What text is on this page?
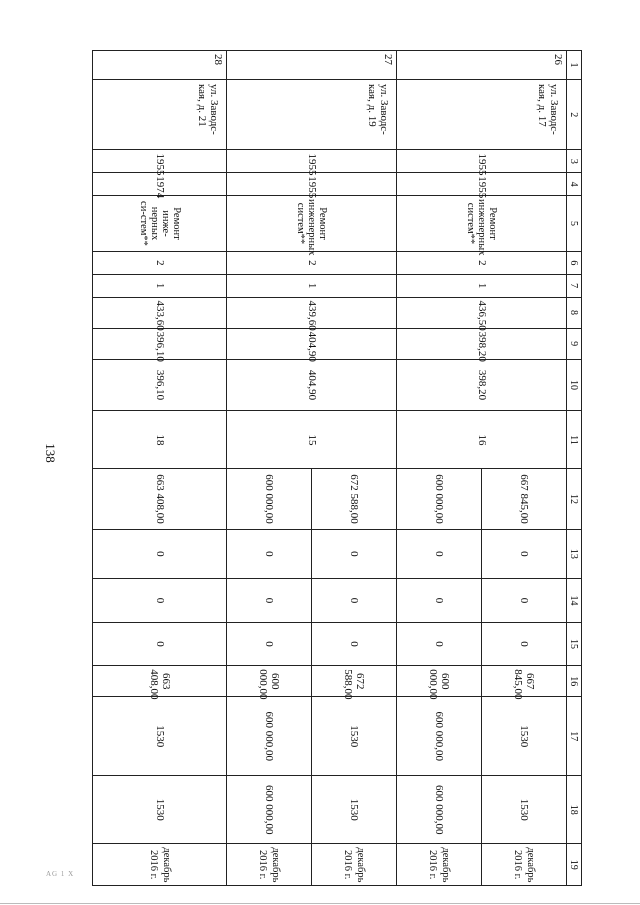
138
1	2	3	4	5	6	7	8	9	10	11	12	13	14	15	16	17	18	19
26	ул. Заводс-кая, д. 17	1955	1955	Ремонт инженерных систем**	2	1	436,50	398,20	398,20	16	667 845,00	0	0	0	667 845,00	1530	1530	декабрь 2016 г.
											600 000,00	0	0	0	600 000,00	600 000,00	600 000,00	декабрь 2016 г.
27	ул. Заводс-кая, д. 19	1955	1955	Ремонт инженерных систем**	2	1	439,60	404,90	404,90	15	672 588,00	0	0	0	672 588,00	1530	1530	декабрь 2016 г.
											600 000,00	0	0	0	600 000,00	600 000,00	600 000,00	декабрь 2016 г.
28	ул. Заводс-кая, д. 21	1955	1974	Ремонт инже-нерных си-стем**	2	1	433,60	396,10	396,10	18	663 408,00	0	0	0	663 408,00	1530	1530	декабрь 2016 г.
AG 1 X
